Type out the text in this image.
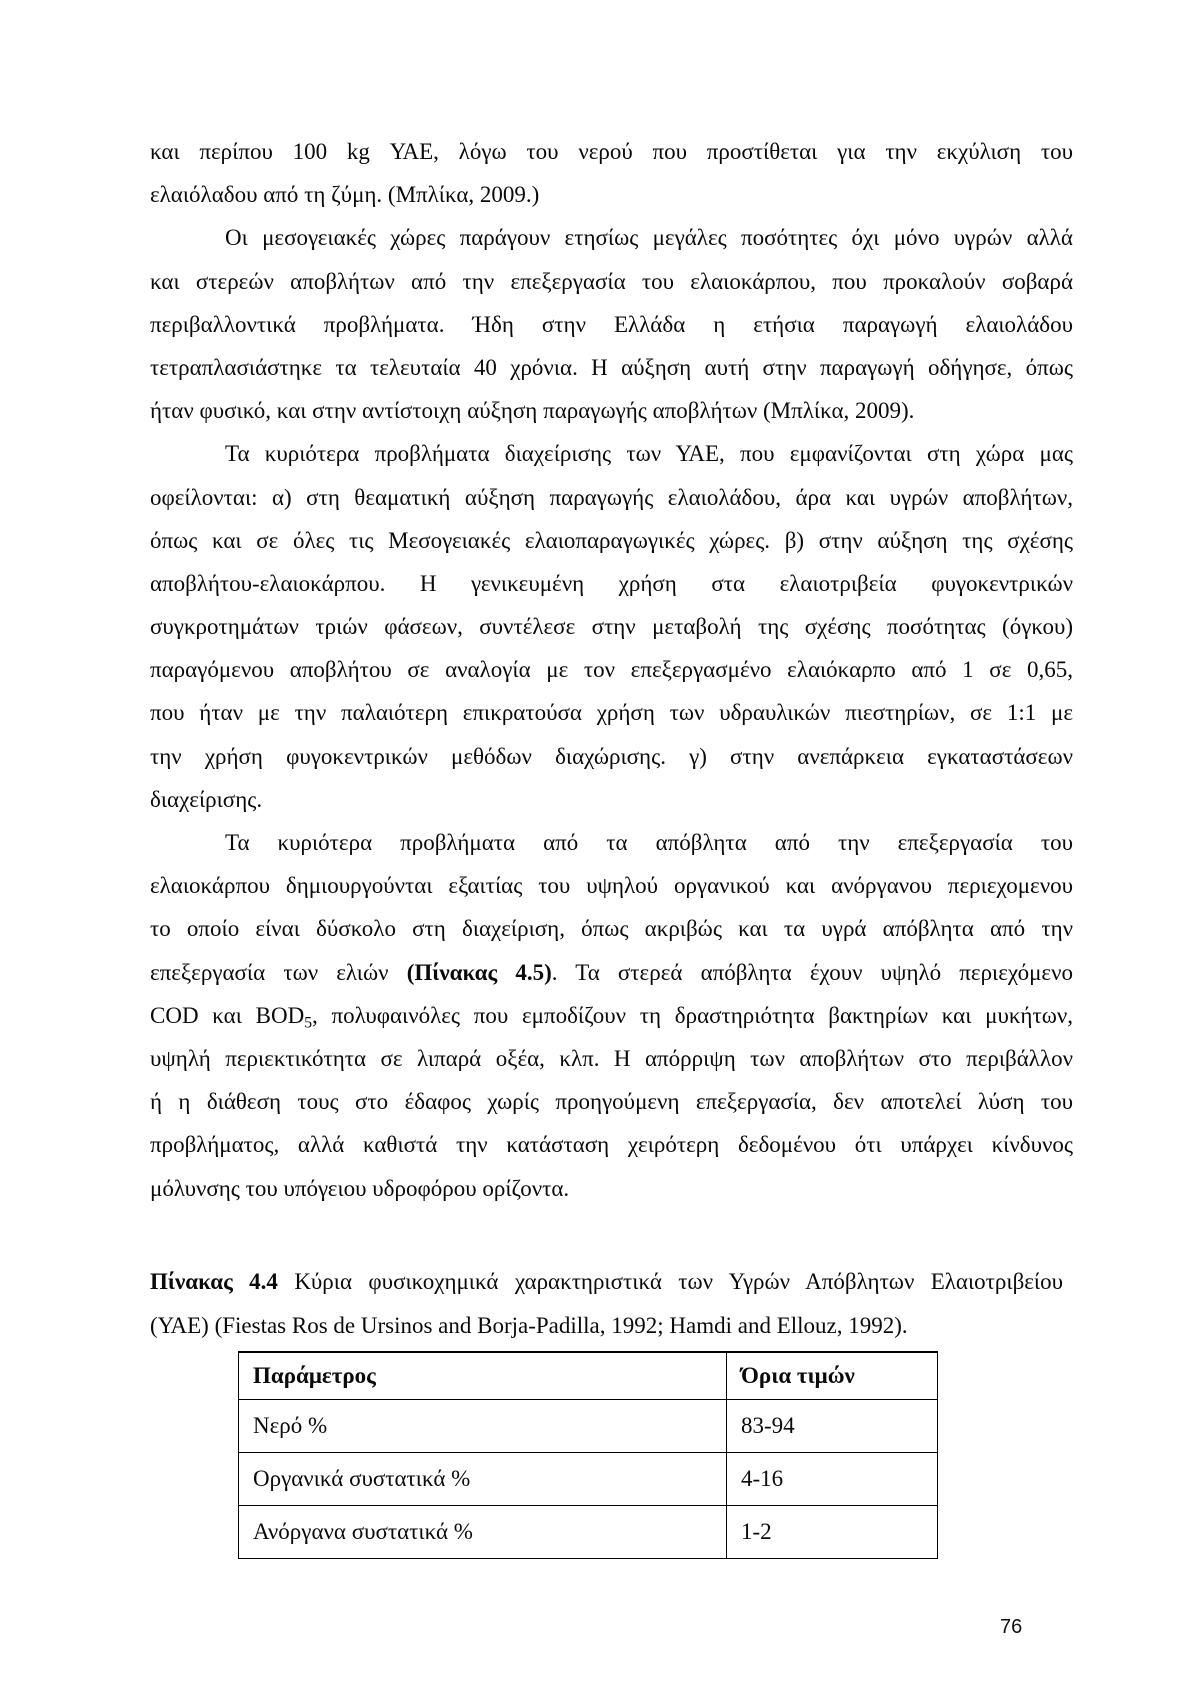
και περίπου 100 kg ΥΑΕ, λόγω του νερού που προστίθεται για την εκχύλιση του
ελαιόλαδου από τη ζύμη. (Μπλίκα, 2009.)
Οι μεσογειακές χώρες παράγουν ετησίως μεγάλες ποσότητες όχι μόνο υγρών αλλά
και στερεών αποβλήτων από την επεξεργασία του ελαιοκάρπου, που προκαλούν σοβαρά
περιβαλλοντικά προβλήματα. Ήδη στην Ελλάδα η ετήσια παραγωγή ελαιολάδου
τετραπλασιάστηκε τα τελευταία 40 χρόνια. Η αύξηση αυτή στην παραγωγή οδήγησε, όπως
ήταν φυσικό, και στην αντίστοιχη αύξηση παραγωγής αποβλήτων (Μπλίκα, 2009).
Τα κυριότερα προβλήματα διαχείρισης των ΥΑΕ, που εμφανίζονται στη χώρα μας
οφείλονται: α) στη θεαματική αύξηση παραγωγής ελαιολάδου, άρα και υγρών αποβλήτων,
όπως και σε όλες τις Μεσογειακές ελαιοπαραγωγικές χώρες. β) στην αύξηση της σχέσης
αποβλήτου-ελαιοκάρπου. Η γενικευμένη χρήση στα ελαιοτριβεία φυγοκεντρικών
συγκροτημάτων τριών φάσεων, συντέλεσε στην μεταβολή της σχέσης ποσότητας (όγκου)
παραγόμενου αποβλήτου σε αναλογία με τον επεξεργασμένο ελαιόκαρπο από 1 σε 0,65,
που ήταν με την παλαιότερη επικρατούσα χρήση των υδραυλικών πιεστηρίων, σε 1:1 με
την χρήση φυγοκεντρικών μεθόδων διαχώρισης. γ) στην ανεπάρκεια εγκαταστάσεων
διαχείρισης.
Τα κυριότερα προβλήματα από τα απόβλητα από την επεξεργασία του
ελαιοκάρπου δημιουργούνται εξαιτίας του υψηλού οργανικού και ανόργανου περιεχομενου
το οποίο είναι δύσκολο στη διαχείριση, όπως ακριβώς και τα υγρά απόβλητα από την
επεξεργασία των ελιών (Πίνακας 4.5). Τα στερεά απόβλητα έχουν υψηλό περιεχόμενο
COD και $BOD_5$, πολυφαινόλες που εμποδίζουν τη δραστηριότητα βακτηρίων και μυκήτων,
υψηλή περιεκτικότητα σε λιπαρά οξέα, κλπ. Η απόρριψη των αποβλήτων στο περιβάλλον
ή η διάθεση τους στο έδαφος χωρίς προηγούμενη επεξεργασία, δεν αποτελεί λύση του
προβλήματος, αλλά καθιστά την κατάσταση χειρότερη δεδομένου ότι υπάρχει κίνδυνος
μόλυνσης του υπόγειου υδροφόρου ορίζοντα.
Πίνακας 4.4 Κύρια φυσικοχημικά χαρακτηριστικά των Υγρών Απόβλητων Ελαιοτριβείου
(ΥΑΕ) (Fiestas Ros de Ursinos and Borja-Padilla, 1992; Hamdi and Ellouz, 1992).
Παράμετρος	Όρια τιμών
Νερό %	83-94
Οργανικά συστατικά %	4-16
Ανόργανα συστατικά %	1-2
76
